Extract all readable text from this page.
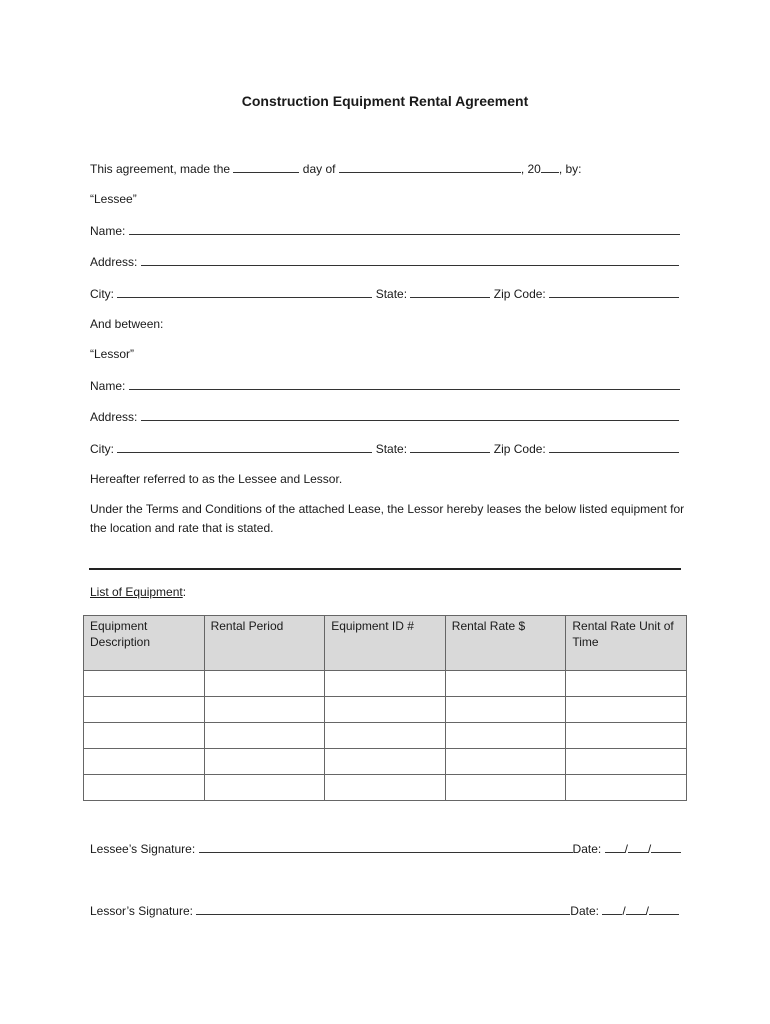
Construction Equipment Rental Agreement
This agreement, made the	day of	, 20 , by:
“Lessee”
Name:
Address:
City:	State:	Zip Code:
And between:
“Lessor”
Name:
Address:
City:	State:	Zip Code:
Hereafter referred to as the Lessee and Lessor.
Under the Terms and Conditions of the attached Lease, the Lessor hereby leases the below listed equipment for the location and rate that is stated.
List of Equipment:
Equipment Description	Rental Period	Equipment ID #	Rental Rate $	Rental Rate Unit of Time

Lessee’s Signature:	Date: / /
Lessor’s Signature:	Date: / /
